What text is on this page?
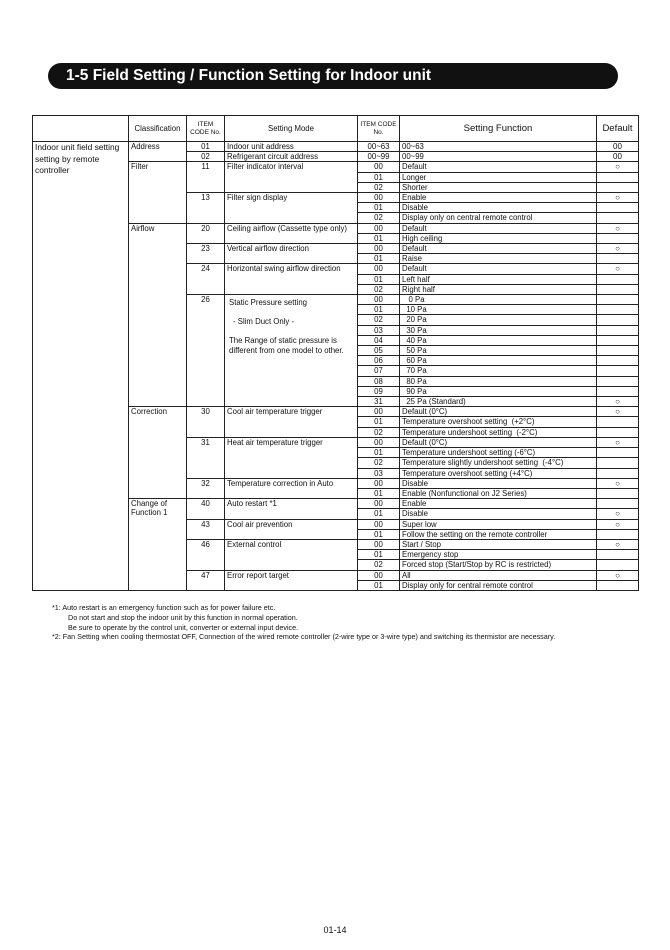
1-5 Field Setting / Function Setting for Indoor unit
	Classification	ITEM CODE No.	Setting Mode	ITEM CODE No.	Setting Function	Default
Indoor unit field setting setting by remote controller	Address	01	Indoor unit address	00~63	00~63	00
		02	Refrigerant circuit address	00~99	00~99	00
	Filter	11	Filter indicator interval	00	Default	○
				01	Longer	
				02	Shorter	
		13	Filter sign display	00	Enable	○
				01	Disable	
				02	Display only on central remote control	
	Airflow	20	Ceiling airflow (Cassette type only)	00	Default	○
				01	High ceiling	
		23	Vertical airflow direction	00	Default	○
				01	Raise	
		24	Horizontal swing airflow direction	00	Default	○
				01	Left half	
				02	Right half	
		26	Static Pressure setting
- Slim Duct Only -
The Range of static pressure is different from one model to other.	00	0 Pa	
				01	10 Pa	
				02	20 Pa	
				03	30 Pa	
				04	40 Pa	
				05	50 Pa	
				06	60 Pa	
				07	70 Pa	
				08	80 Pa	
				09	90 Pa	
				31	25 Pa (Standard)	○
	Correction	30	Cool air temperature trigger	00	Default (0°C)	○
				01	Temperature overshoot setting  (+2°C)	
				02	Temperature undershoot setting  (-2°C)	
		31	Heat air temperature trigger	00	Default (0°C)	○
				01	Temperature undershoot setting (-6°C)	
				02	Temperature slightly undershoot setting  (-4°C)	
				03	Temperature overshoot setting (+4°C)	
		32	Temperature correction in Auto	00	Disable	○
				01	Enable (Nonfunctional on J2 Series)	
	Change of Function 1	40	Auto restart *1	00	Enable	
				01	Disable	○
		43	Cool air prevention	00	Super low	○
				01	Follow the setting on the remote controller	
		46	External control	00	Start / Stop	○
				01	Emergency stop	
				02	Forced stop (Start/Stop by RC is restricted)	
		47	Error report target	00	All	○
				01	Display only for central remote control	
*1: Auto restart is an emergency function such as for power failure etc.
Do not start and stop the indoor unit by this function in normal operation.
Be sure to operate by the control unit, converter or external input device.
*2: Fan Setting when cooling thermostat OFF, Connection of the wired remote controller (2-wire type or 3-wire type) and switching its thermistor are necessary.
01-14
